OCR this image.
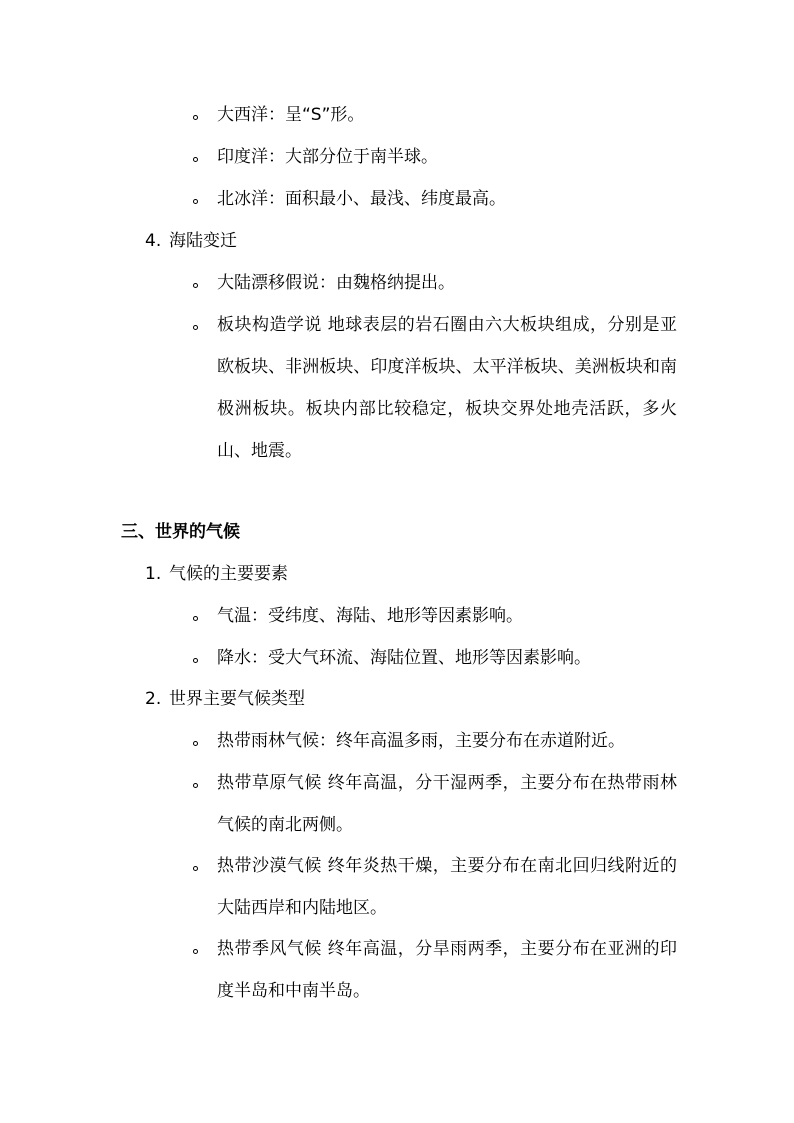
大西洋：呈“S”形。
印度洋：大部分位于南半球。
北冰洋：面积最小、最浅、纬度最高。
4. 海陆变迁
大陆漂移假说：由魏格纳提出。
板块构造学说 地球表层的岩石圈由六大板块组成，分别是亚欧板块、非洲板块、印度洋板块、太平洋板块、美洲板块和南极洲板块。板块内部比较稳定，板块交界处地壳活跃，多火山、地震。
三、世界的气候
1. 气候的主要要素
气温：受纬度、海陆、地形等因素影响。
降水：受大气环流、海陆位置、地形等因素影响。
2. 世界主要气候类型
热带雨林气候：终年高温多雨，主要分布在赤道附近。
热带草原气候 终年高温，分干湿两季，主要分布在热带雨林气候的南北两侧。
热带沙漠气候 终年炎热干燥，主要分布在南北回归线附近的大陆西岸和内陆地区。
热带季风气候 终年高温，分旱雨两季，主要分布在亚洲的印度半岛和中南半岛。
